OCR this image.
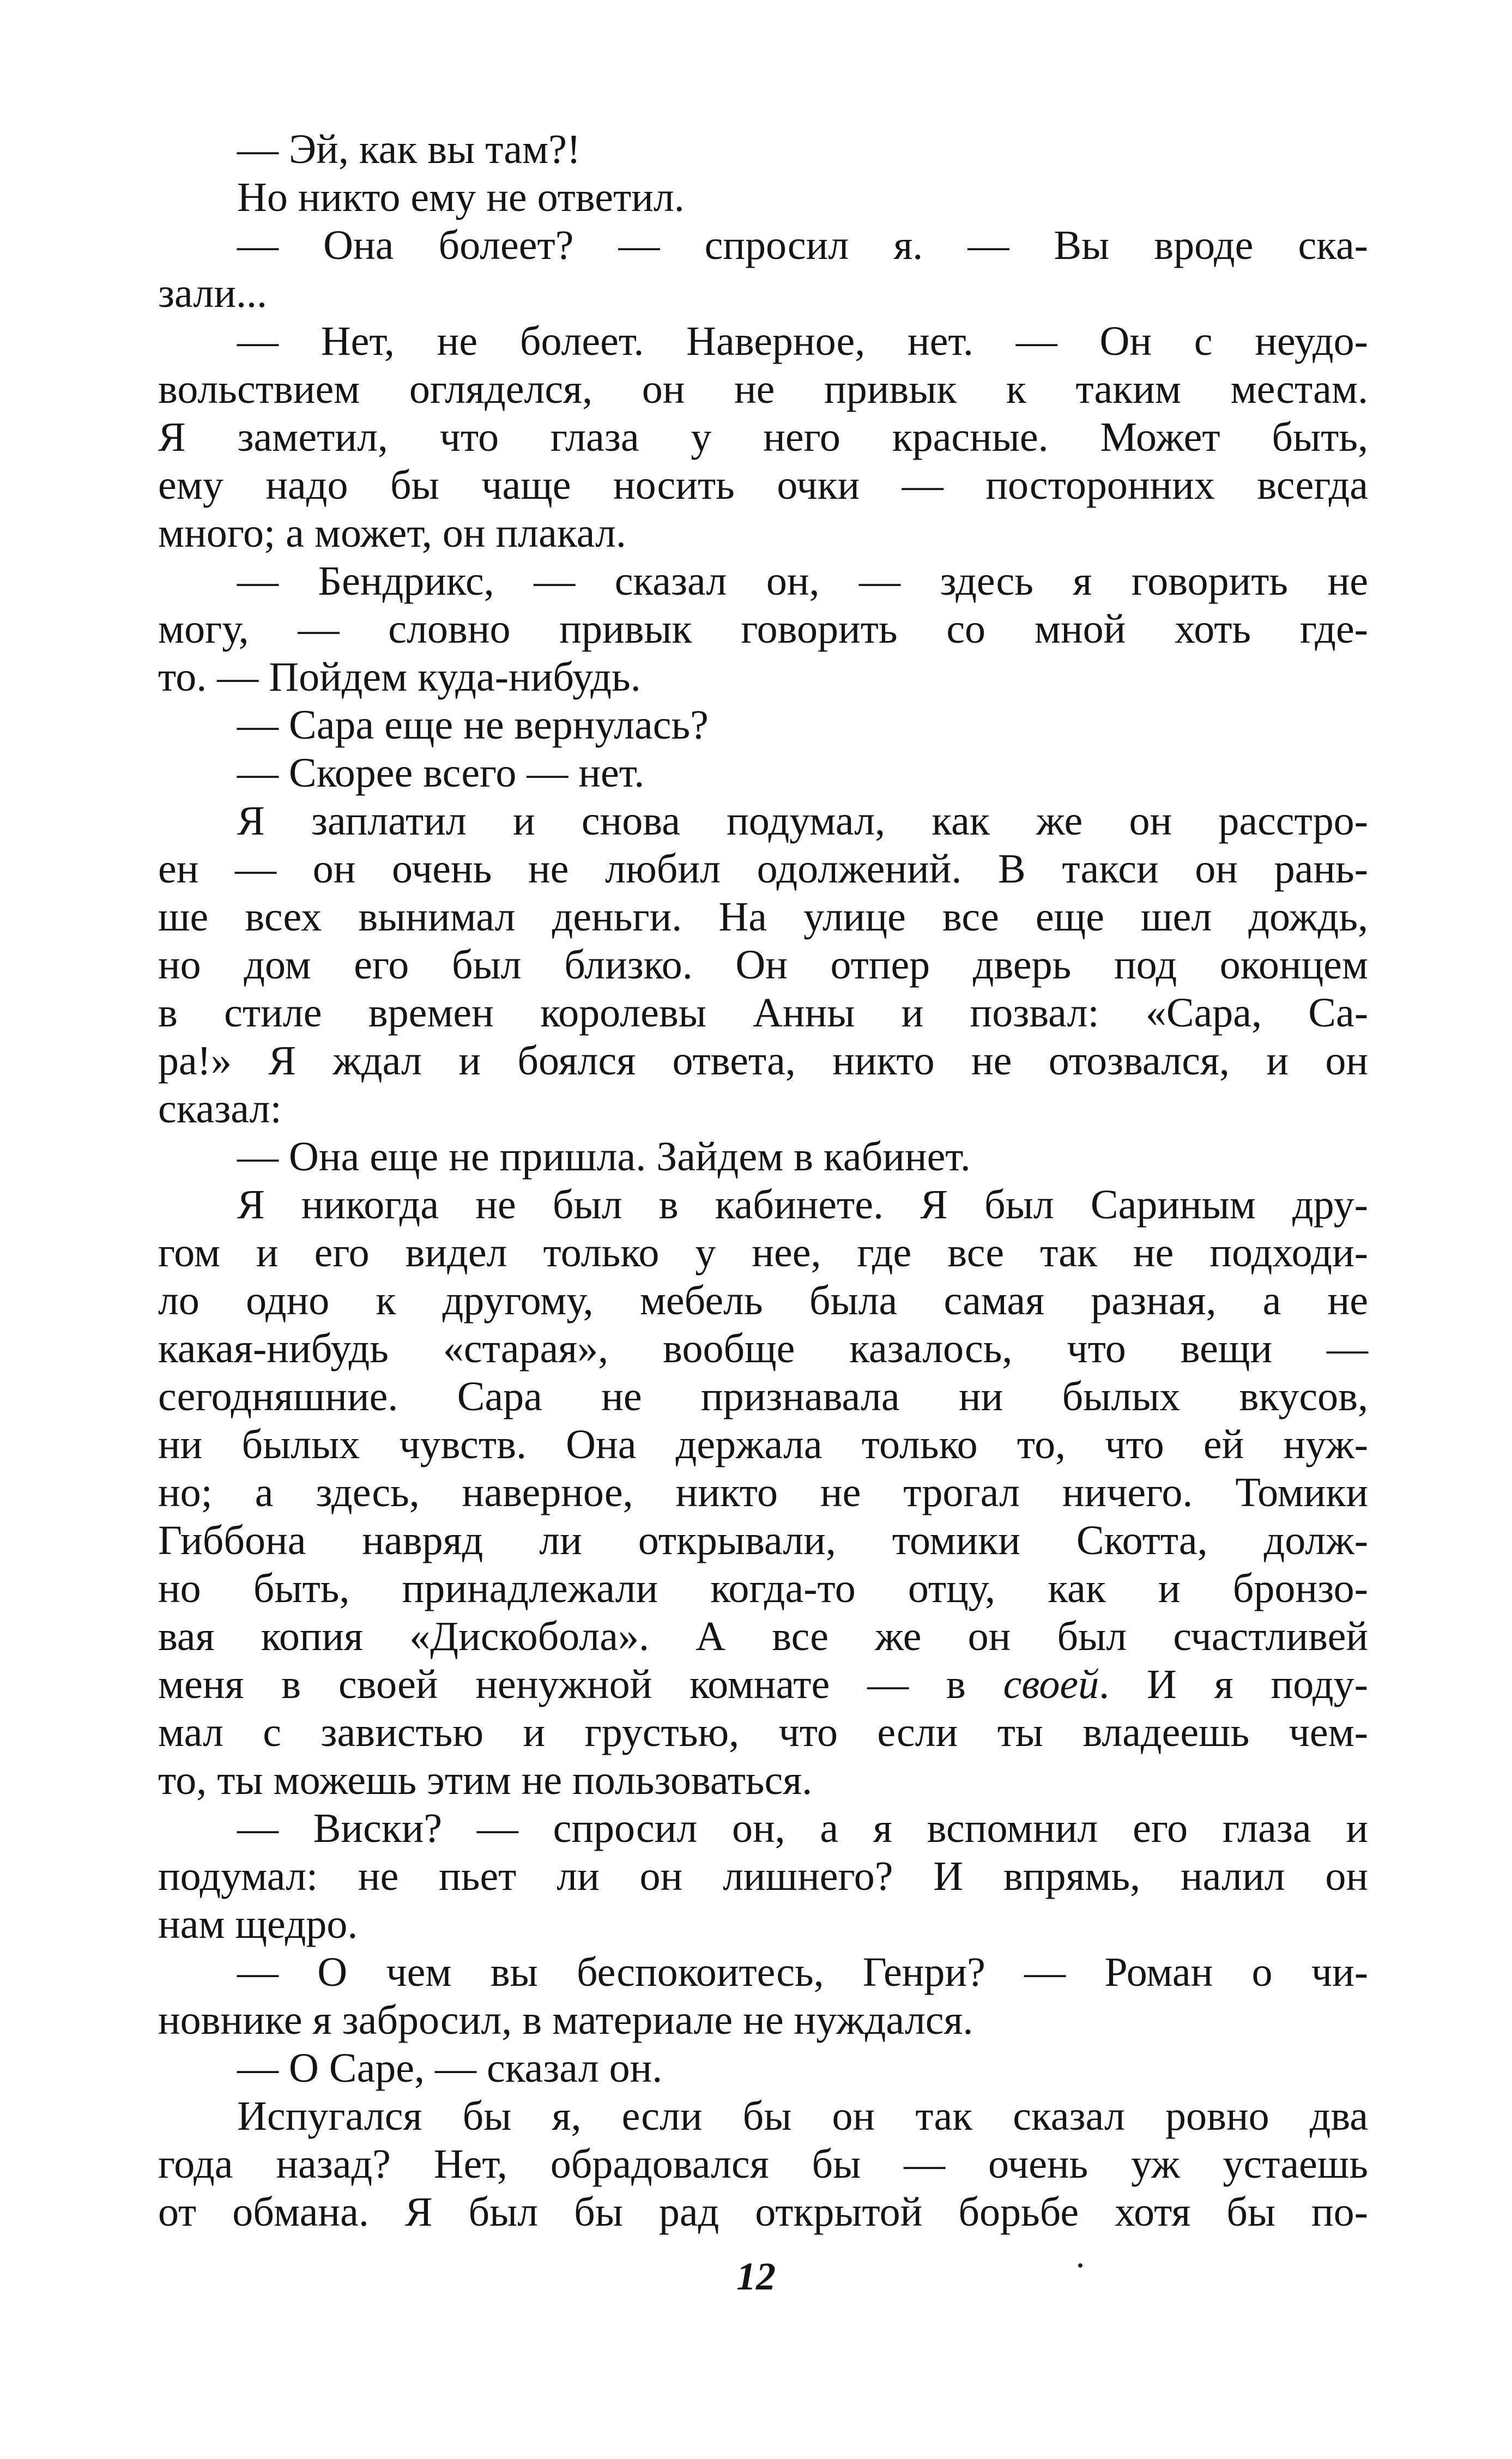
— Эй, как вы там?!
Но никто ему не ответил.
— Она болеет? — спросил я. — Вы вроде ска-
зали...
— Нет, не болеет. Наверное, нет. — Он с неудо-
вольствием огляделся, он не привык к таким местам.
Я заметил, что глаза у него красные. Может быть,
ему надо бы чаще носить очки — посторонних всегда
много; а может, он плакал.
— Бендрикс, — сказал он, — здесь я говорить не
могу, — словно привык говорить со мной хоть где-
то. — Пойдем куда-нибудь.
— Сара еще не вернулась?
— Скорее всего — нет.
Я заплатил и снова подумал, как же он расстро-
ен — он очень не любил одолжений. В такси он рань-
ше всех вынимал деньги. На улице все еще шел дождь,
но дом его был близко. Он отпер дверь под оконцем
в стиле времен королевы Анны и позвал: «Сара, Са-
ра!» Я ждал и боялся ответа, никто не отозвался, и он
сказал:
— Она еще не пришла. Зайдем в кабинет.
Я никогда не был в кабинете. Я был Сариным дру-
гом и его видел только у нее, где все так не подходи-
ло одно к другому, мебель была самая разная, а не
какая-нибудь «старая», вообще казалось, что вещи —
сегодняшние. Сара не признавала ни былых вкусов,
ни былых чувств. Она держала только то, что ей нуж-
но; а здесь, наверное, никто не трогал ничего. Томики
Гиббона навряд ли открывали, томики Скотта, долж-
но быть, принадлежали когда-то отцу, как и бронзо-
вая копия «Дискобола». А все же он был счастливей
меня в своей ненужной комнате — в своей. И я поду-
мал с завистью и грустью, что если ты владеешь чем-
то, ты можешь этим не пользоваться.
— Виски? — спросил он, а я вспомнил его глаза и
подумал: не пьет ли он лишнего? И впрямь, налил он
нам щедро.
— О чем вы беспокоитесь, Генри? — Роман о чи-
новнике я забросил, в материале не нуждался.
— О Саре, — сказал он.
Испугался бы я, если бы он так сказал ровно два
года назад? Нет, обрадовался бы — очень уж устаешь
от обмана. Я был бы рад открытой борьбе хотя бы по-
12
